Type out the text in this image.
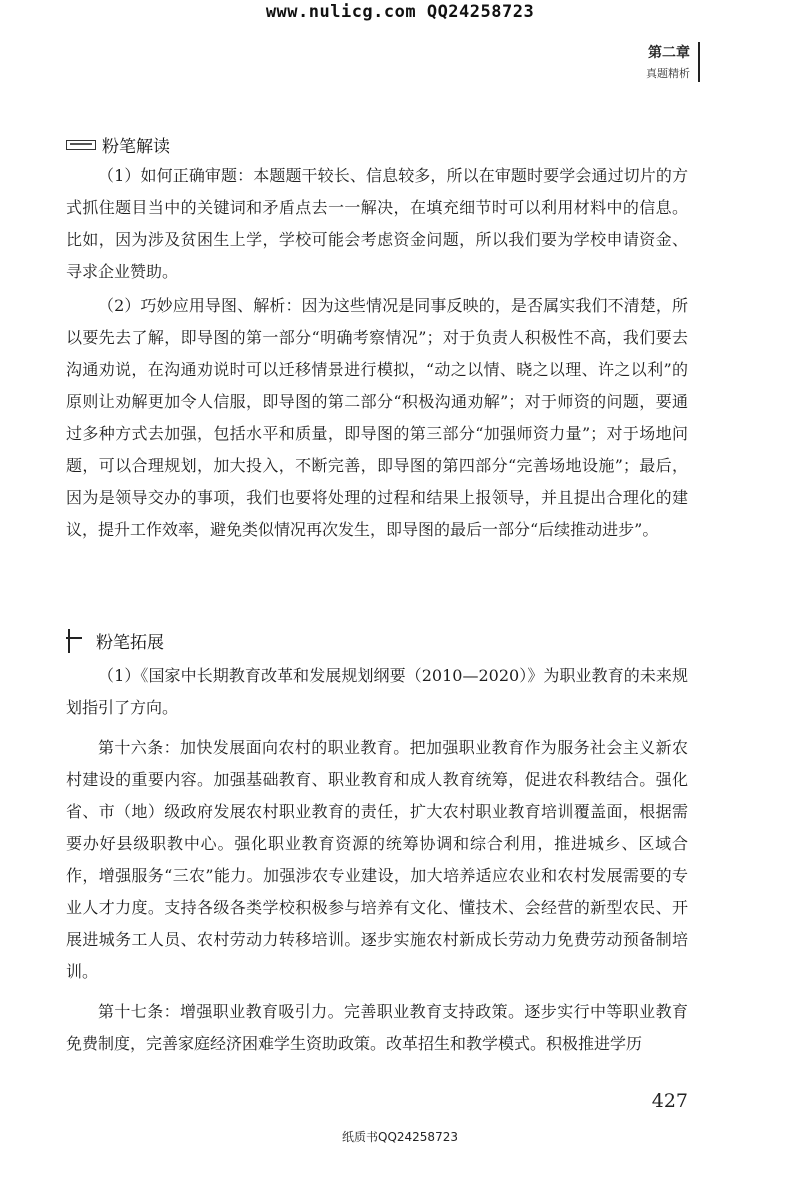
www.nulicg.com QQ24258723
第二章
真题精析
粉笔解读

（1）如何正确审题：本题题干较长、信息较多，所以在审题时要学会通过切片的方式抓住题目当中的关键词和矛盾点去一一解决，在填充细节时可以利用材料中的信息。比如，因为涉及贫困生上学，学校可能会考虑资金问题，所以我们要为学校申请资金、寻求企业赞助。

（2）巧妙应用导图、解析：因为这些情况是同事反映的，是否属实我们不清楚，所以要先去了解，即导图的第一部分“明确考察情况”；对于负责人积极性不高，我们要去沟通劝说，在沟通劝说时可以迁移情景进行模拟，“动之以情、晓之以理、许之以利”的原则让劝解更加令人信服，即导图的第二部分“积极沟通劝解”；对于师资的问题，要通过多种方式去加强，包括水平和质量，即导图的第三部分“加强师资力量”；对于场地问题，可以合理规划，加大投入，不断完善，即导图的第四部分“完善场地设施”；最后，因为是领导交办的事项，我们也要将处理的过程和结果上报领导，并且提出合理化的建议，提升工作效率，避免类似情况再次发生，即导图的最后一部分“后续推动进步”。

粉笔拓展

（1）《国家中长期教育改革和发展规划纲要（2010—2020）》为职业教育的未来规划指引了方向。

第十六条：加快发展面向农村的职业教育。把加强职业教育作为服务社会主义新农村建设的重要内容。加强基础教育、职业教育和成人教育统筹，促进农科教结合。强化省、市（地）级政府发展农村职业教育的责任，扩大农村职业教育培训覆盖面，根据需要办好县级职教中心。强化职业教育资源的统筹协调和综合利用，推进城乡、区域合作，增强服务“三农”能力。加强涉农专业建设，加大培养适应农业和农村发展需要的专业人才力度。支持各级各类学校积极参与培养有文化、懂技术、会经营的新型农民、开展进城务工人员、农村劳动力转移培训。逐步实施农村新成长劳动力免费劳动预备制培训。

第十七条：增强职业教育吸引力。完善职业教育支持政策。逐步实行中等职业教育免费制度，完善家庭经济困难学生资助政策。改革招生和教学模式。积极推进学历

427
纸质书QQ24258723
